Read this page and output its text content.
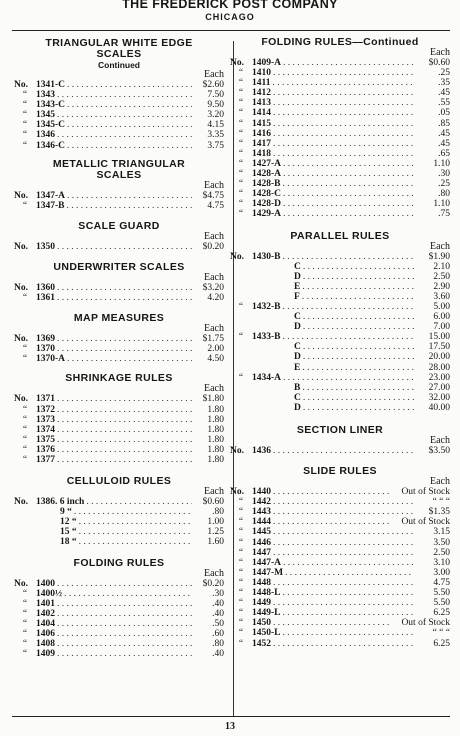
THE FREDERICK POST COMPANY
CHICAGO
TRIANGULAR WHITE EDGE
SCALES
Continued
Each
No. 1341-C . . .	$2.60
“ 1343 . . .	7.50
“ 1343-C . . .	9.50
“ 1345 . . .	3.20
“ 1345-C . . .	4.15
“ 1346 . . .	3.35
“ 1346-C . . .	3.75
METALLIC TRIANGULAR
SCALES
Each
No. 1347-A . . .	$4.75
“ 1347-B . . .	4.75
SCALE GUARD
Each
No. 1350 . . .	$0.20
UNDERWRITER SCALES
Each
No. 1360 . . .	$3.20
“ 1361 . . .	4.20
MAP MEASURES
Each
No. 1369 . . .	$1.75
“ 1370 . . .	2.00
“ 1370-A . . .	4.50
SHRINKAGE RULES
Each
No. 1371 . . .	$1.80
“ 1372 . . .	1.80
“ 1373 . . .	1.80
“ 1374 . . .	1.80
“ 1375 . . .	1.80
“ 1376 . . .	1.80
“ 1377 . . .	1.80
CELLULOID RULES
Each
No. 1386. 6 inch . . .	$0.60
9 “ . . .	.80
12 “ . . .	1.00
15 “ . . .	1.25
18 “ . . .	1.60
FOLDING RULES
Each
No. 1400 . . .	$0.20
“ 1400½ . . .	.30
“ 1401 . . .	.40
“ 1402 . . .	.40
“ 1404 . . .	.50
“ 1406 . . .	.60
“ 1408 . . .	.80
“ 1409 . . .	.40
FOLDING RULES—Continued
Each
No. 1409-A . . .	$0.60
“ 1410 . . .	.25
“ 1411 . . .	.35
“ 1412 . . .	.45
“ 1413 . . .	.55
“ 1414 . . .	.05
“ 1415 . . .	.85
“ 1416 . . .	.45
“ 1417 . . .	.45
“ 1418 . . .	.65
“ 1427-A . . .	1.10
“ 1428-A . . .	.30
“ 1428-B . . .	.25
“ 1428-C . . .	.80
“ 1428-D . . .	1.10
“ 1429-A . . .	.75
PARALLEL RULES
Each
No. 1430-B . . .	$1.90
C . . .	2.10
D . . .	2.50
E . . .	2.90
F . . .	3.60
“ 1432-B . . .	5.00
C . . .	6.00
D . . .	7.00
“ 1433-B . . .	15.00
C . . .	17.50
D . . .	20.00
E . . .	28.00
“ 1434-A . . .	23.00
B . . .	27.00
C . . .	32.00
D . . .	40.00
SECTION LINER
Each
No. 1436 . . .	$3.50
SLIDE RULES
Each
No. 1440 . . .	Out of Stock
“ 1442 . . .	“ “ “
“ 1443 . . .	$1.35
“ 1444 . . .	Out of Stock
“ 1445 . . .	3.15
“ 1446 . . .	3.50
“ 1447 . . .	2.50
“ 1447-A . . .	3.10
“ 1447-M . . .	3.00
“ 1448 . . .	4.75
“ 1448-L . . .	5.50
“ 1449 . . .	5.50
“ 1449-L . . .	6.25
“ 1450 . . .	Out of Stock
“ 1450-L . . .	“ “ “
“ 1452 . . .	6.25
13
